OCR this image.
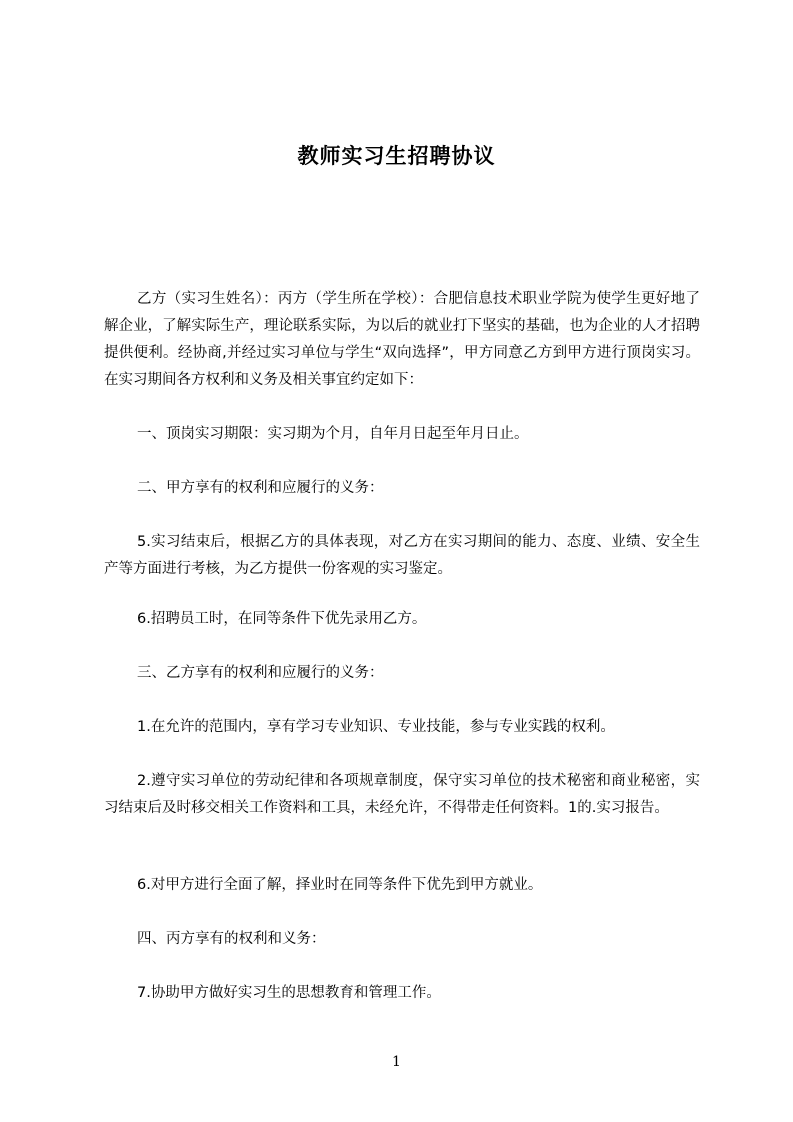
教师实习生招聘协议

乙方（实习生姓名）：丙方（学生所在学校）：合肥信息技术职业学院为使学生更好地了解企业，了解实际生产，理论联系实际，为以后的就业打下坚实的基础，也为企业的人才招聘提供便利。经协商,并经过实习单位与学生“双向选择”，甲方同意乙方到甲方进行顶岗实习。在实习期间各方权利和义务及相关事宜约定如下：

一、顶岗实习期限：实习期为个月，自年月日起至年月日止。

二、甲方享有的权利和应履行的义务：

5.实习结束后，根据乙方的具体表现，对乙方在实习期间的能力、态度、业绩、安全生产等方面进行考核，为乙方提供一份客观的实习鉴定。

6.招聘员工时，在同等条件下优先录用乙方。

三、乙方享有的权利和应履行的义务：

1.在允许的范围内，享有学习专业知识、专业技能，参与专业实践的权利。

2.遵守实习单位的劳动纪律和各项规章制度，保守实习单位的技术秘密和商业秘密，实习结束后及时移交相关工作资料和工具，未经允许，不得带走任何资料。1的.实习报告。

6.对甲方进行全面了解，择业时在同等条件下优先到甲方就业。

四、丙方享有的权利和义务：

7.协助甲方做好实习生的思想教育和管理工作。

1
